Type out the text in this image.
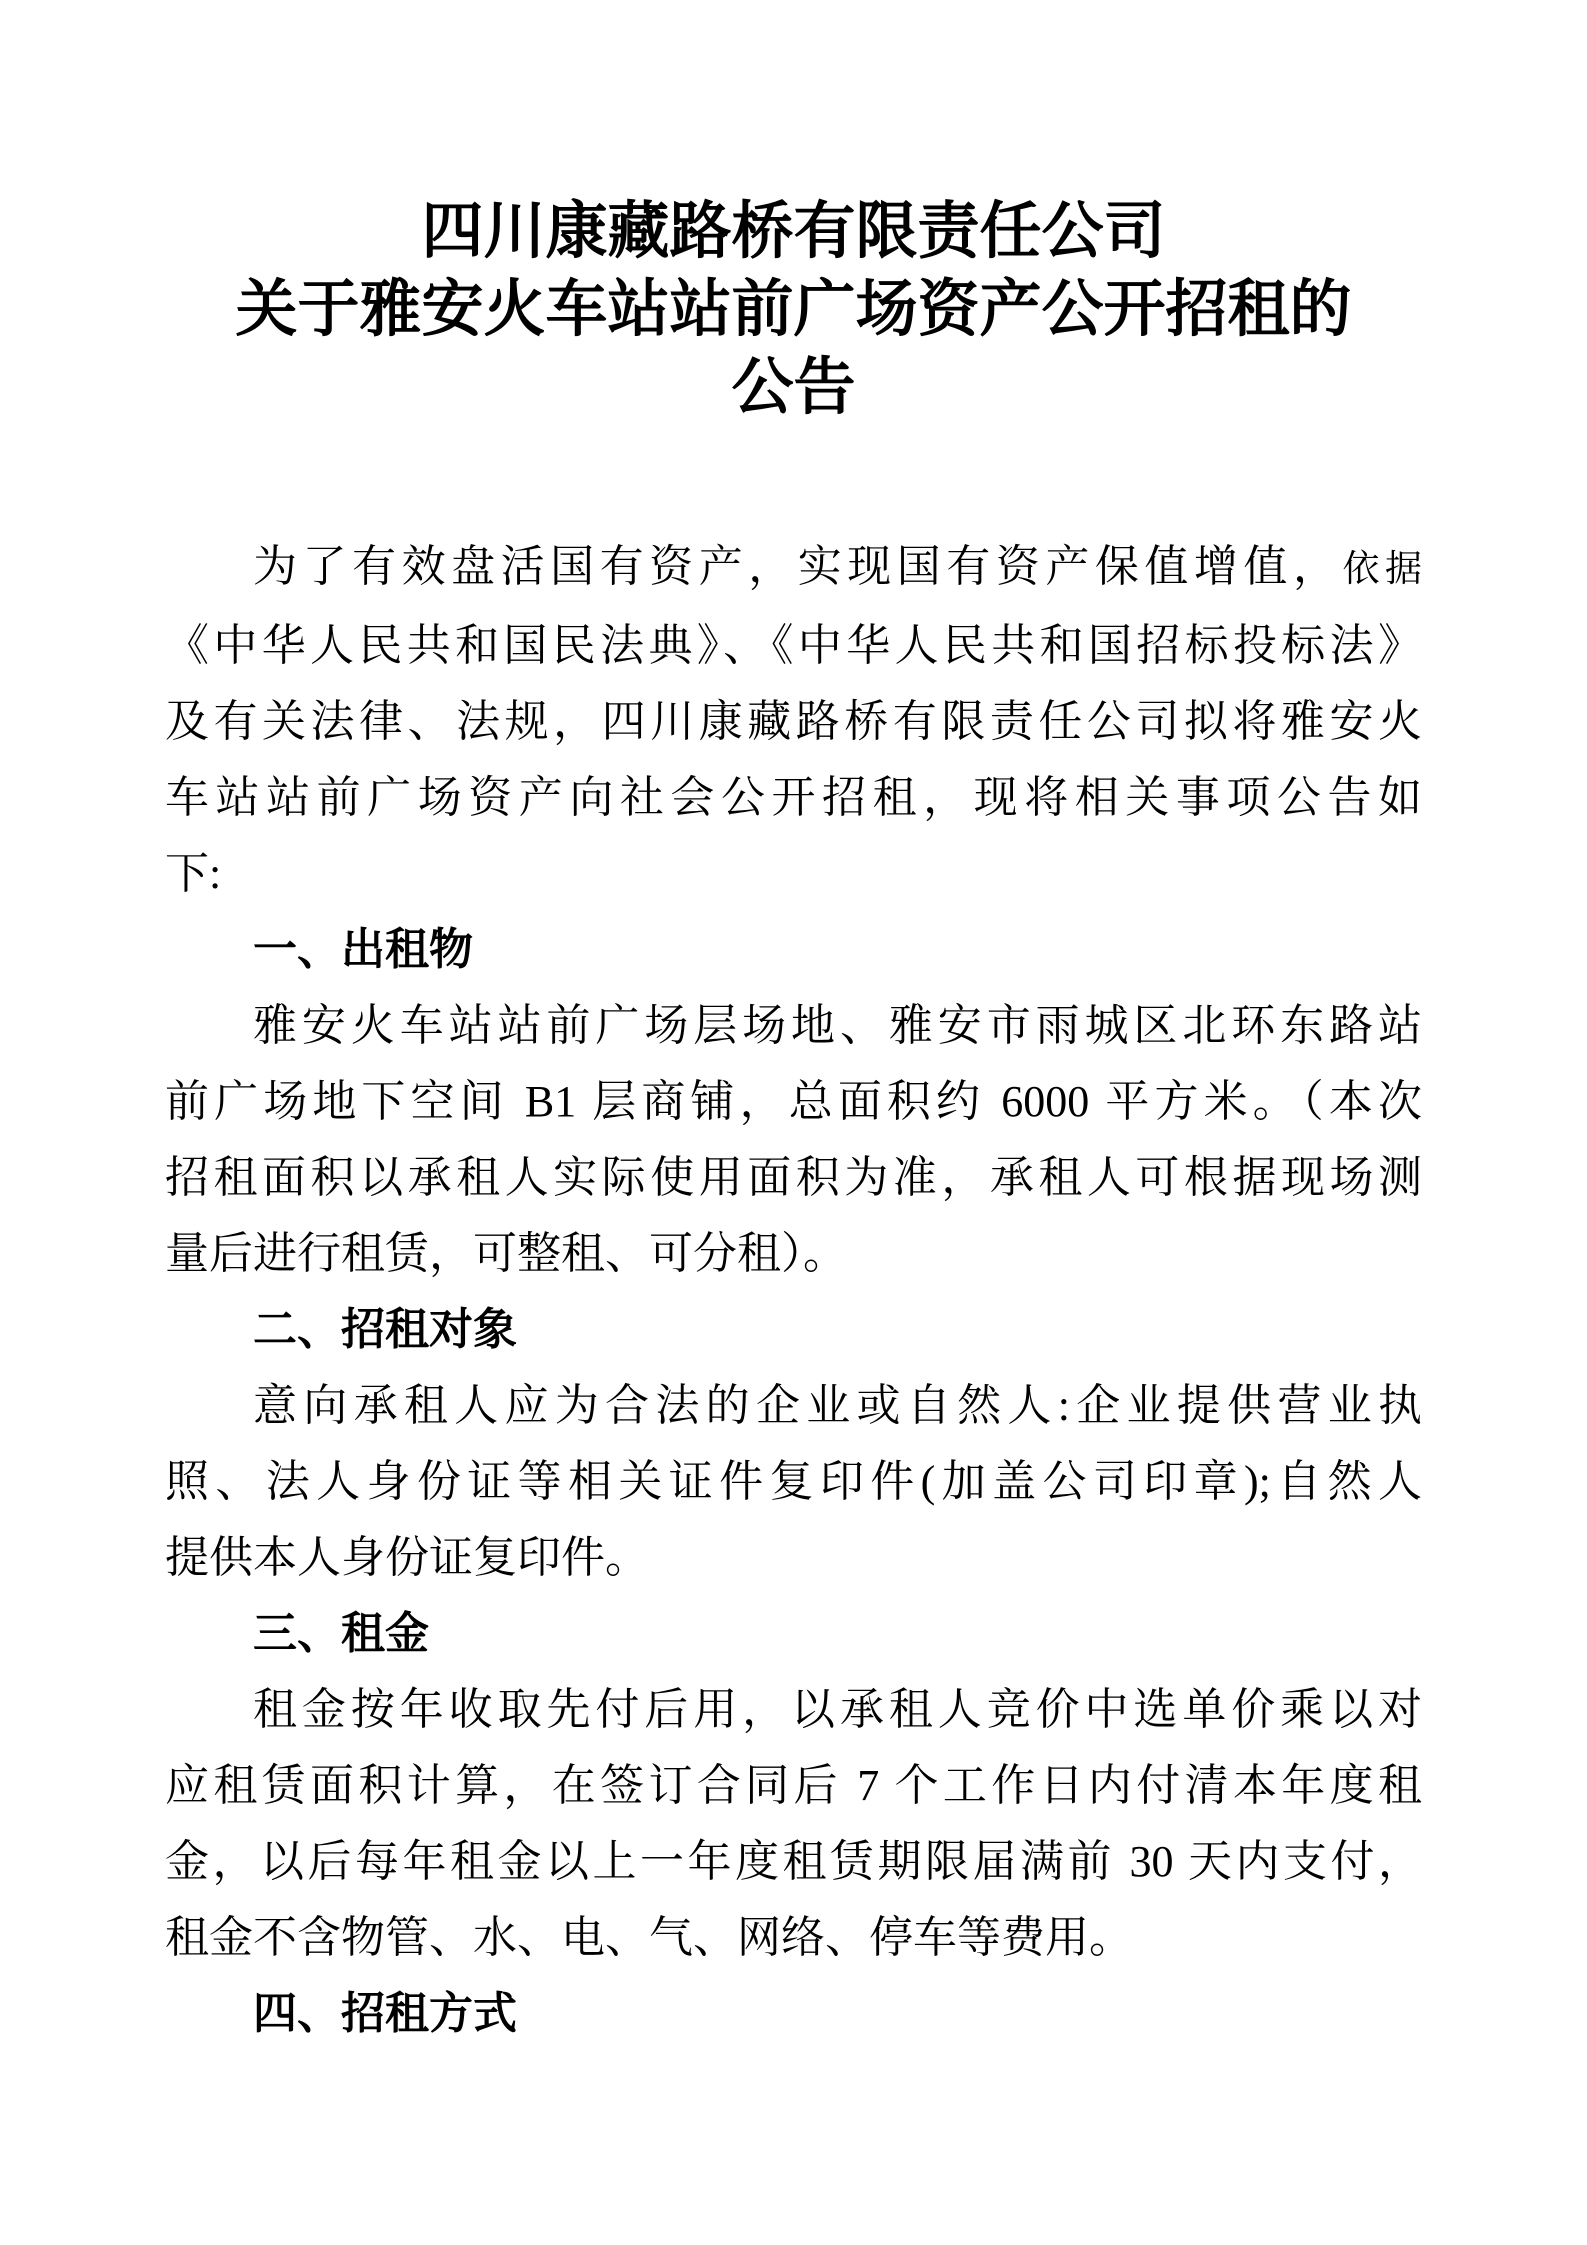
四川康藏路桥有限责任公司
关于雅安火车站站前广场资产公开招租的
公告
为了有效盘活国有资产，实现国有资产保值增值，依据
《中华人民共和国民法典》、《中华人民共和国招标投标法》
及有关法律、法规，四川康藏路桥有限责任公司拟将雅安火
车站站前广场资产向社会公开招租，现将相关事项公告如
下:
一、出租物
雅安火车站站前广场层场地、雅安市雨城区北环东路站
前广场地下空间 B1 层商铺，总面积约 6000 平方米。（本次
招租面积以承租人实际使用面积为准，承租人可根据现场测
量后进行租赁，可整租、可分租）。
二、招租对象
意向承租人应为合法的企业或自然人:企业提供营业执
照、法人身份证等相关证件复印件(加盖公司印章);自然人
提供本人身份证复印件。
三、租金
租金按年收取先付后用，以承租人竞价中选单价乘以对
应租赁面积计算，在签订合同后 7 个工作日内付清本年度租
金，以后每年租金以上一年度租赁期限届满前 30 天内支付，
租金不含物管、水、电、气、网络、停车等费用。
四、招租方式
